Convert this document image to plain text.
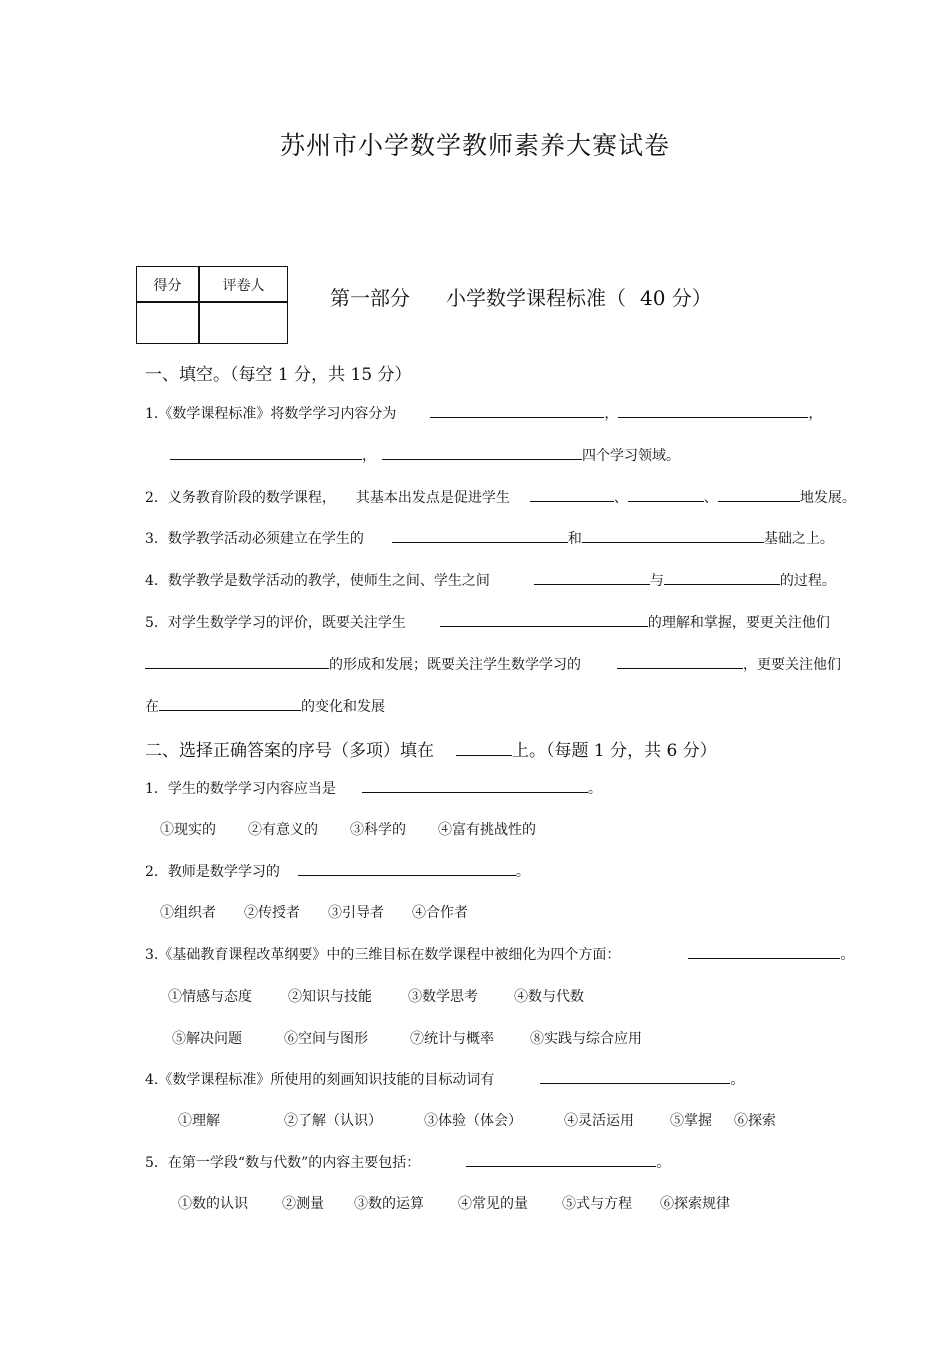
苏州市小学数学教师素养大赛试卷
得分	评卷人	第一部分 小学数学课程标准（ 40 分）
一、填空。（每空 1 分，共 15 分）
1.《数学课程标准》将数学学习内容分为	，	，
，	四个学习领域。
2．义务教育阶段的数学课程， 其基本出发点是促进学生	、	、	地发展。
3．数学教学活动必须建立在学生的	和	基础之上。
4．数学教学是数学活动的教学，使师生之间、学生之间	与	的过程。
5．对学生数学学习的评价，既要关注学生	的理解和掌握，要更关注他们
的形成和发展；既要关注学生数学学习的	，更要关注他们
在	的变化和发展
二、选择正确答案的序号（多项）填在	上。（每题 1 分，共 6 分）
1．学生的数学学习内容应当是	。
①现实的 ②有意义的 ③科学的 ④富有挑战性的
2．教师是数学学习的	。
①组织者 ②传授者 ③引导者 ④合作者
3.《基础教育课程改革纲要》中的三维目标在数学课程中被细化为四个方面：	。
①情感与态度	②知识与技能	③数学思考	④数与代数
⑤解决问题	⑥空间与图形	⑦统计与概率	⑧实践与综合应用
4.《数学课程标准》所使用的刻画知识技能的目标动词有	。
①理解	②了解（认识）	③体验（体会）	④灵活运用	⑤掌握 ⑥探索
5．在第一学段“数与代数”的内容主要包括：	。
①数的认识 ②测量 ③数的运算 ④常见的量 ⑤式与方程 ⑥探索规律
